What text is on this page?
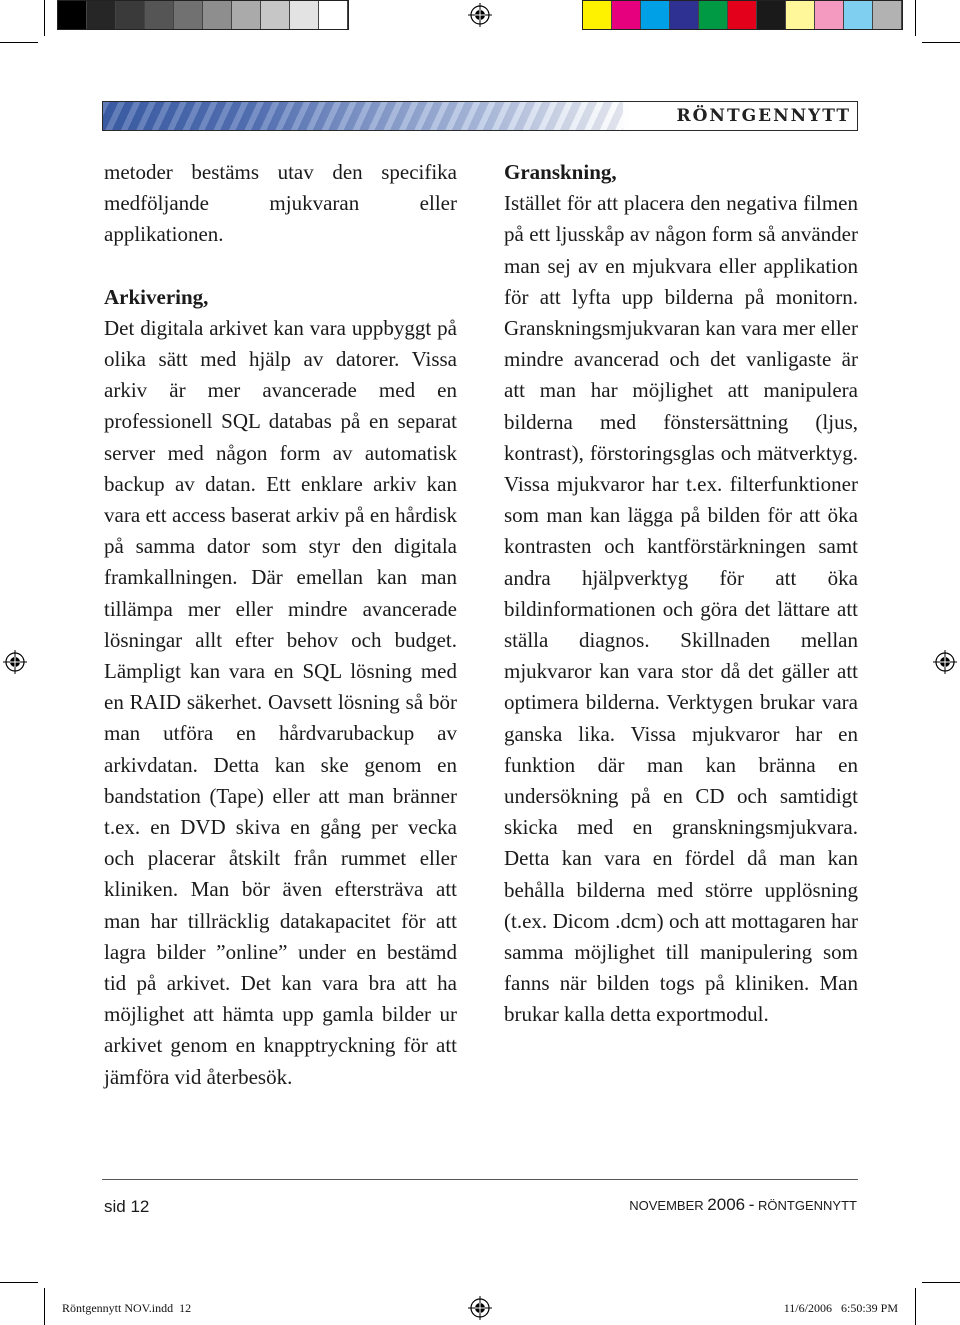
RÖNTGENNYTT

metoder bestäms utav den specifika medföljande mjukvaran eller applikationen.

Arkivering,

Det digitala arkivet kan vara uppbyggt på olika sätt med hjälp av datorer. Vissa arkiv är mer avancerade med en professionell SQL databas på en separat server med någon form av automatisk backup av datan. Ett enklare arkiv kan vara ett access baserat arkiv på en hårdisk på samma dator som styr den digitala framkallningen. Där emellan kan man tillämpa mer eller mindre avancerade lösningar allt efter behov och budget. Lämpligt kan vara en SQL lösning med en RAID säkerhet. Oavsett lösning så bör man utföra en hårdvarubackup av arkivdatan. Detta kan ske genom en bandstation (Tape) eller att man bränner t.ex. en DVD skiva en gång per vecka och placerar åtskilt från rummet eller kliniken. Man bör även eftersträva att man har tillräcklig datakapacitet för att lagra bilder ”online” under en bestämd tid på arkivet. Det kan vara bra att ha möjlighet att hämta upp gamla bilder ur arkivet genom en knapptryckning för att jämföra vid återbesök.

Granskning,

Istället för att placera den negativa filmen på ett ljusskåp av någon form så använder man sej av en mjukvara eller applikation för att lyfta upp bilderna på monitorn. Granskningsmjukvaran kan vara mer eller mindre avancerad och det vanligaste är att man har möjlighet att manipulera bilderna med fönstersättning (ljus, kontrast), förstoringsglas och mätverktyg. Vissa mjukvaror har t.ex. filterfunktioner som man kan lägga på bilden för att öka kontrasten och kantförstärkningen samt andra hjälpverktyg för att öka bildinformationen och göra det lättare att ställa diagnos. Skillnaden mellan mjukvaror kan vara stor då det gäller att optimera bilderna. Verktygen brukar vara ganska lika. Vissa mjukvaror har en funktion där man kan bränna en undersökning på en CD och samtidigt skicka med en granskningsmjukvara. Detta kan vara en fördel då man kan behålla bilderna med större upplösning (t.ex. Dicom .dcm) och att mottagaren har samma möjlighet till manipulering som fanns när bilden togs på kliniken. Man brukar kalla detta exportmodul.

sid 12	NOVEMBER 2006 - RÖNTGENNYTT
Röntgennytt NOV.indd 12	11/6/2006 6:50:39 PM
